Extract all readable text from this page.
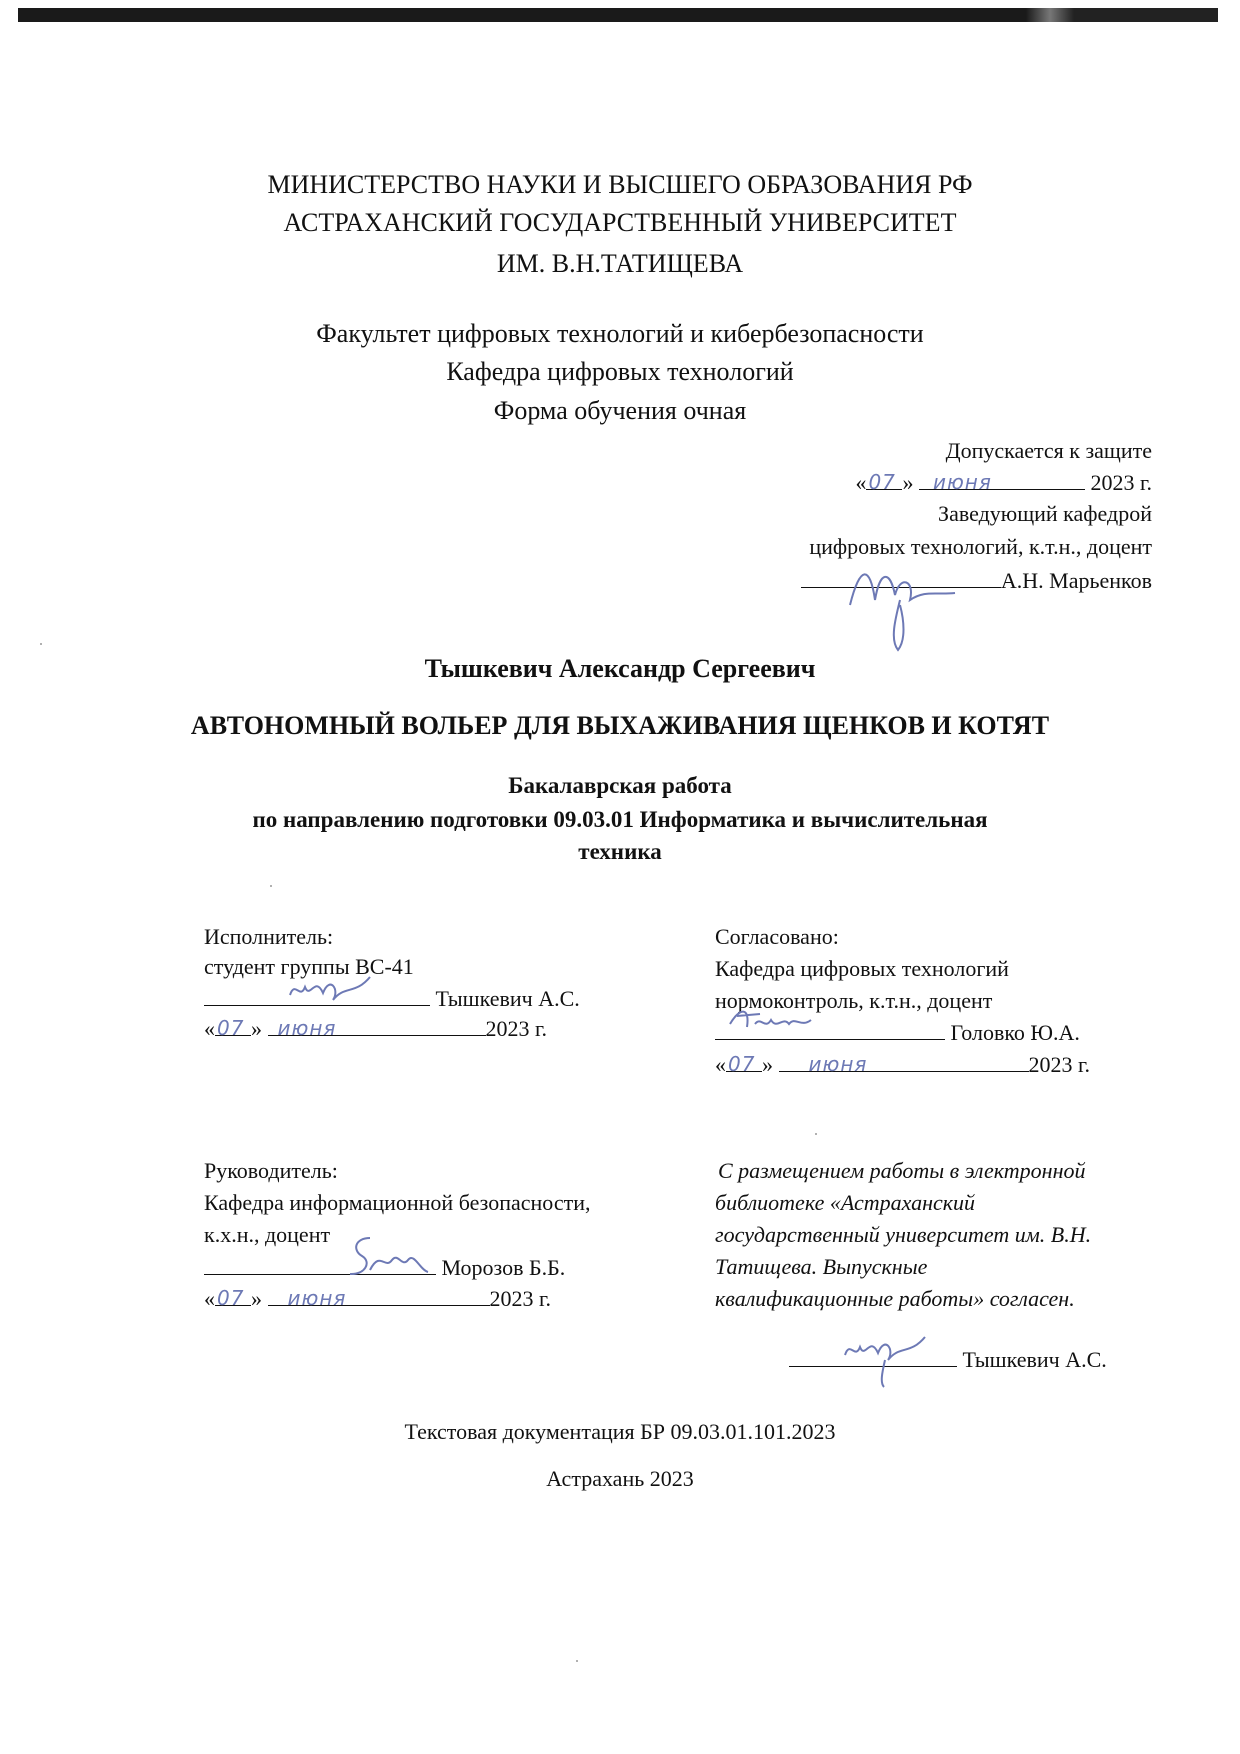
МИНИСТЕРСТВО НАУКИ И ВЫСШЕГО ОБРАЗОВАНИЯ РФ
АСТРАХАНСКИЙ ГОСУДАРСТВЕННЫЙ УНИВЕРСИТЕТ
ИМ. В.Н.ТАТИЩЕВА
Факультет цифровых технологий и кибербезопасности
Кафедра цифровых технологий
Форма обучения очная
Допускается к защите
« 07 » июня	2023 г.
Заведующий кафедрой
цифровых технологий, к.т.н., доцент
А.Н. Марьенков
Тышкевич Александр Сергеевич
АВТОНОМНЫЙ ВОЛЬЕР ДЛЯ ВЫХАЖИВАНИЯ ЩЕНКОВ И КОТЯТ
Бакалаврская работа
по направлению подготовки 09.03.01 Информатика и вычислительная
техника
Исполнитель:
студент группы ВС-41
Тышкевич А.С.
« 07 » июня	2023 г.
Согласовано:
Кафедра цифровых технологий
нормоконтроль, к.т.н., доцент
Головко Ю.А.
« 07 » июня	2023 г.
Руководитель:
Кафедра информационной безопасности,
к.х.н., доцент
Морозов Б.Б.
« 07 » июня	2023 г.
С размещением работы в электронной
библиотеке «Астраханский
государственный университет им. В.Н.
Татищева. Выпускные
квалификационные работы» согласен.
Тышкевич А.С.
Текстовая документация БР 09.03.01.101.2023
Астрахань 2023
